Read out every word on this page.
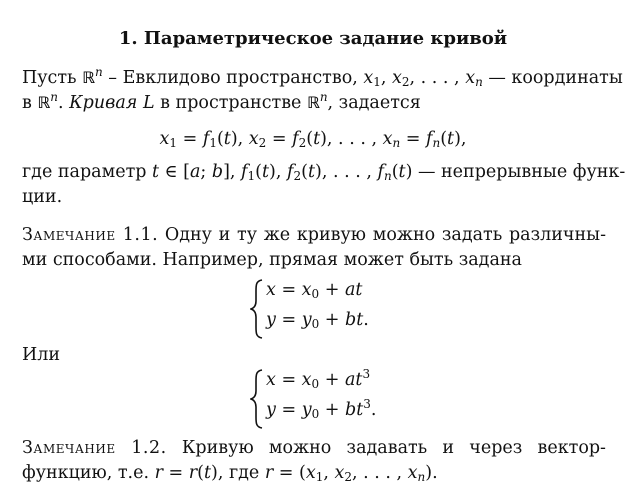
1. Параметрическое задание кривой
Пусть ℝ$^n$ – Евклидово пространство, $x_1$, $x_2$, . . . , $x_n$ — координаты
в ℝ$^n$. Кривая L в пространстве ℝ$^n$, задается
$x_1 = f_1(t)$, $x_2 = f_2(t)$, . . . , $x_n = f_n(t)$,
где параметр t ∈ [a; b], $f_1(t)$, $f_2(t)$, . . . , $f_n(t)$ — непрерывные функ-
ции.
Замечание 1.1. Одну и ту же кривую можно задать различны-
ми способами. Например, прямая может быть задана
$x = x_0$ + at
$y = y_0$ + bt.
Или
$x = x_0 + at^3$
$y = y_0 + bt^3$.
Замечание 1.2. Кривую можно задавать и через вектор-
функцию, т.е. r = r(t), где $r = (x_1$, $x_2$, . . . , $x_n$).
